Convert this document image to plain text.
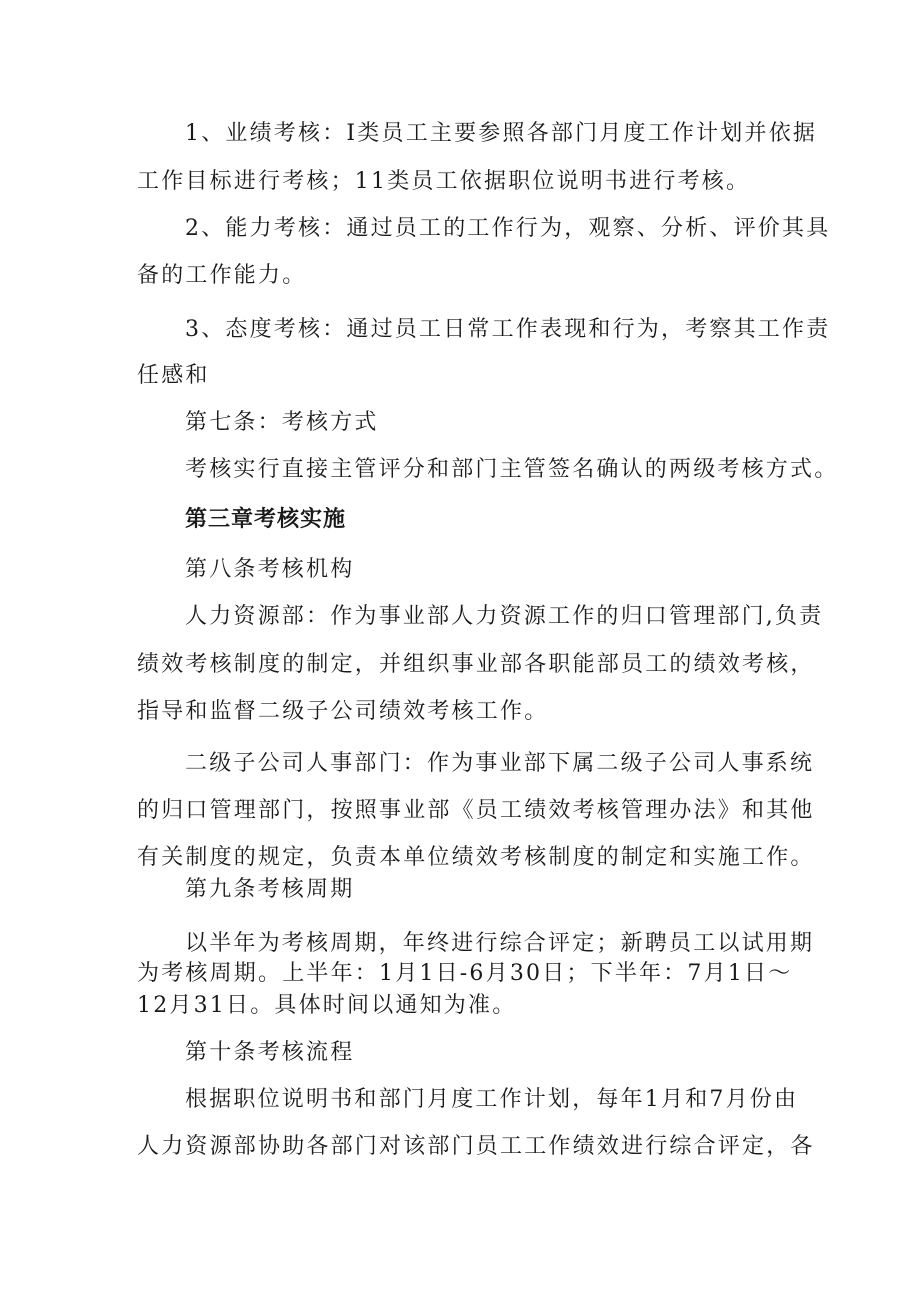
1、业绩考核：I类员工主要参照各部门月度工作计划并依据
工作目标进行考核；11类员工依据职位说明书进行考核。
2、能力考核：通过员工的工作行为，观察、分析、评价其具
备的工作能力。
3、态度考核：通过员工日常工作表现和行为，考察其工作责
任感和
第七条：考核方式
考核实行直接主管评分和部门主管签名确认的两级考核方式。
第三章考核实施
第八条考核机构
人力资源部：作为事业部人力资源工作的归口管理部门,负责
绩效考核制度的制定，并组织事业部各职能部员工的绩效考核，
指导和监督二级子公司绩效考核工作。
二级子公司人事部门：作为事业部下属二级子公司人事系统
的归口管理部门，按照事业部《员工绩效考核管理办法》和其他
有关制度的规定，负责本单位绩效考核制度的制定和实施工作。
第九条考核周期
以半年为考核周期，年终进行综合评定；新聘员工以试用期
为考核周期。上半年：1月1日-6月30日；下半年：7月1日～
12月31日。具体时间以通知为准。
第十条考核流程
根据职位说明书和部门月度工作计划，每年1月和7月份由
人力资源部协助各部门对该部门员工工作绩效进行综合评定，各
